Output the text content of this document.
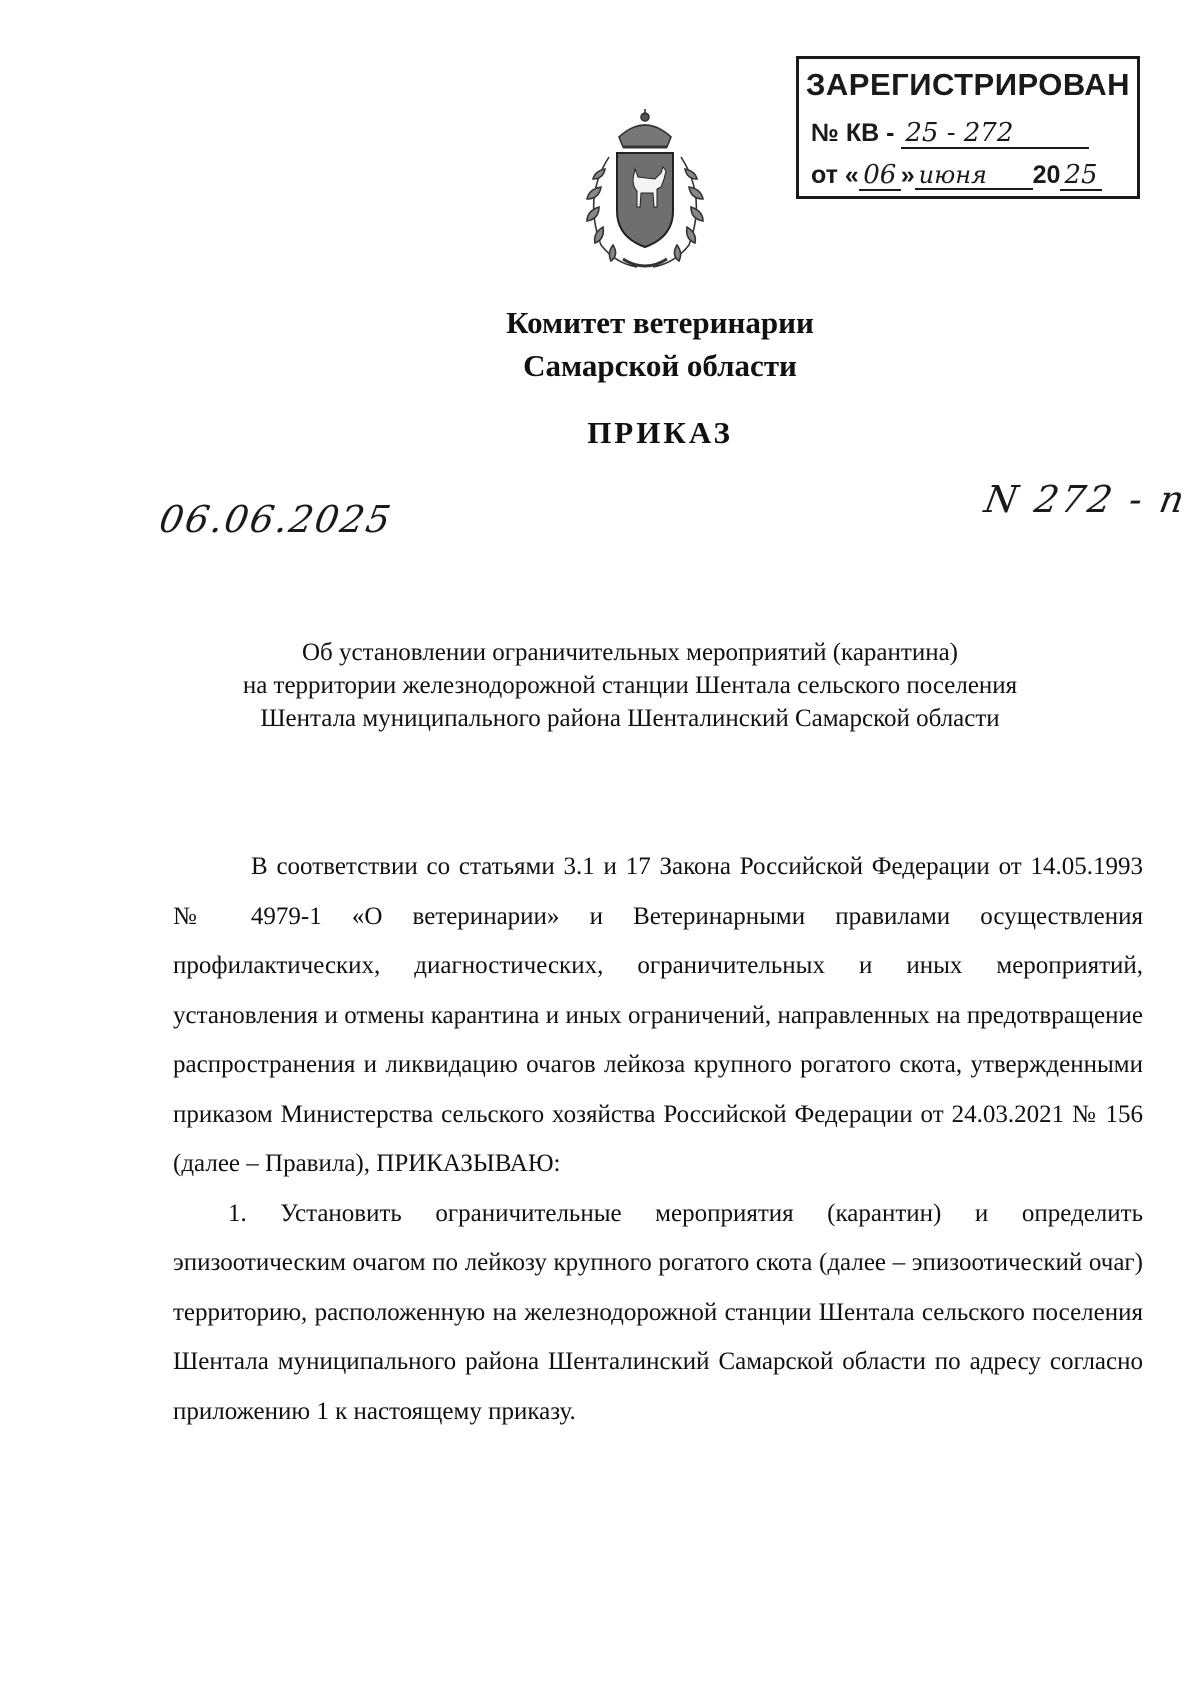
ЗАРЕГИСТРИРОВАН
№ КВ - 25 - 272
от « 06 » июня 20 25
Комитет ветеринарии
Самарской области
ПРИКАЗ
06.06.2025	N 272 - п
Об установлении ограничительных мероприятий (карантина)
на территории железнодорожной станции Шентала сельского поселения
Шентала муниципального района Шенталинский Самарской области

В соответствии со статьями 3.1 и 17 Закона Российской Федерации от 14.05.1993 № 4979-1 «О ветеринарии» и Ветеринарными правилами осуществления профилактических, диагностических, ограничительных и иных мероприятий, установления и отмены карантина и иных ограничений, направленных на предотвращение распространения и ликвидацию очагов лейкоза крупного рогатого скота, утвержденными приказом Министерства сельского хозяйства Российской Федерации от 24.03.2021 № 156 (далее – Правила), ПРИКАЗЫВАЮ:

1. Установить ограничительные мероприятия (карантин) и определить эпизоотическим очагом по лейкозу крупного рогатого скота (далее – эпизоотический очаг) территорию, расположенную на железнодорожной станции Шентала сельского поселения Шентала муниципального района Шенталинский Самарской области по адресу согласно приложению 1 к настоящему приказу.
